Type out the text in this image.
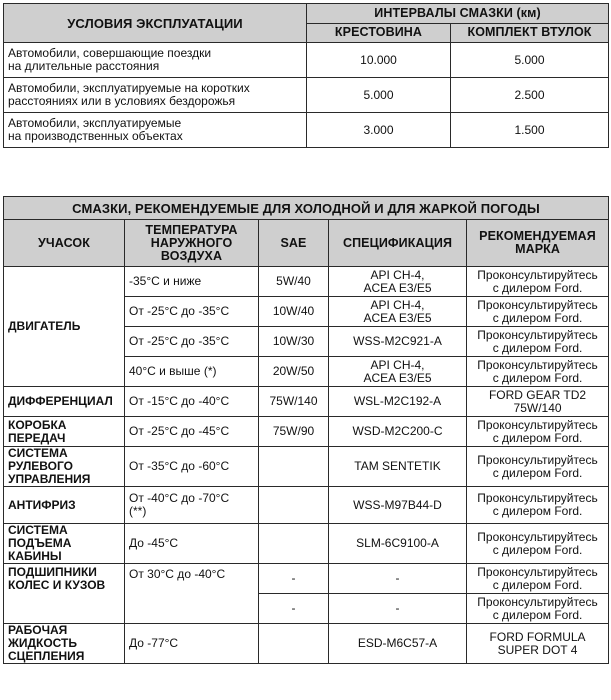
УСЛОВИЯ ЭКСПЛУАТАЦИИ	ИНТЕРВАЛЫ СМАЗКИ (км)	
	КРЕСТОВИНА	КОМПЛЕКТ ВТУЛОК
Автомобили, совершающие поездки
на длительные расстояния	10.000	5.000
Автомобили, эксплуатируемые на коротких
расстояниях или в условиях бездорожья	5.000	2.500
Автомобили, эксплуатируемые
на производственных объектах	3.000	1.500
СМАЗКИ, РЕКОМЕНДУЕМЫЕ ДЛЯ ХОЛОДНОЙ И ДЛЯ ЖАРКОЙ ПОГОДЫ				
УЧАСОК	ТЕМПЕРАТУРА
НАРУЖНОГО
ВОЗДУХА	SAE	СПЕЦИФИКАЦИЯ	РЕКОМЕНДУЕМАЯ
МАРКА
ДВИГАТЕЛЬ	-35°С и ниже	5W/40	API CH-4,
ACEA E3/E5	Проконсультируйтесь
с дилером Ford.
	От -25°С до -35°С	10W/40	API CH-4,
ACEA E3/E5	Проконсультируйтесь
с дилером Ford.
	От -25°С до -35°С	10W/30	WSS-M2C921-A	Проконсультируйтесь
с дилером Ford.
	40°С и выше (*)	20W/50	API CH-4,
ACEA E3/E5	Проконсультируйтесь
с дилером Ford.
ДИФФЕРЕНЦИАЛ	От -15°С до -40°С	75W/140	WSL-M2C192-A	FORD GEAR TD2
75W/140
КОРОБКА ПЕРЕДАЧ	От -25°С до -45°С	75W/90	WSD-M2C200-C	Проконсультируйтесь
с дилером Ford.
СИСТЕМА
РУЛЕВОГО
УПРАВЛЕНИЯ	От -35°С до -60°С		TAM SENTETIK	Проконсультируйтесь
с дилером Ford.
АНТИФРИЗ	От -40°С до -70°С
(**)		WSS-M97B44-D	Проконсультируйтесь
с дилером Ford.
СИСТЕМА
ПОДЪЕМА
КАБИНЫ	До -45°С		SLM-6C9100-A	Проконсультируйтесь
с дилером Ford.
ПОДШИПНИКИ
КОЛЕС И КУЗОВ	От 30°С до -40°С	-	-	Проконсультируйтесь
с дилером Ford.
		-	-	Проконсультируйтесь
с дилером Ford.
РАБОЧАЯ
ЖИДКОСТЬ
СЦЕПЛЕНИЯ	До -77°С		ESD-M6C57-A	FORD FORMULA
SUPER DOT 4
